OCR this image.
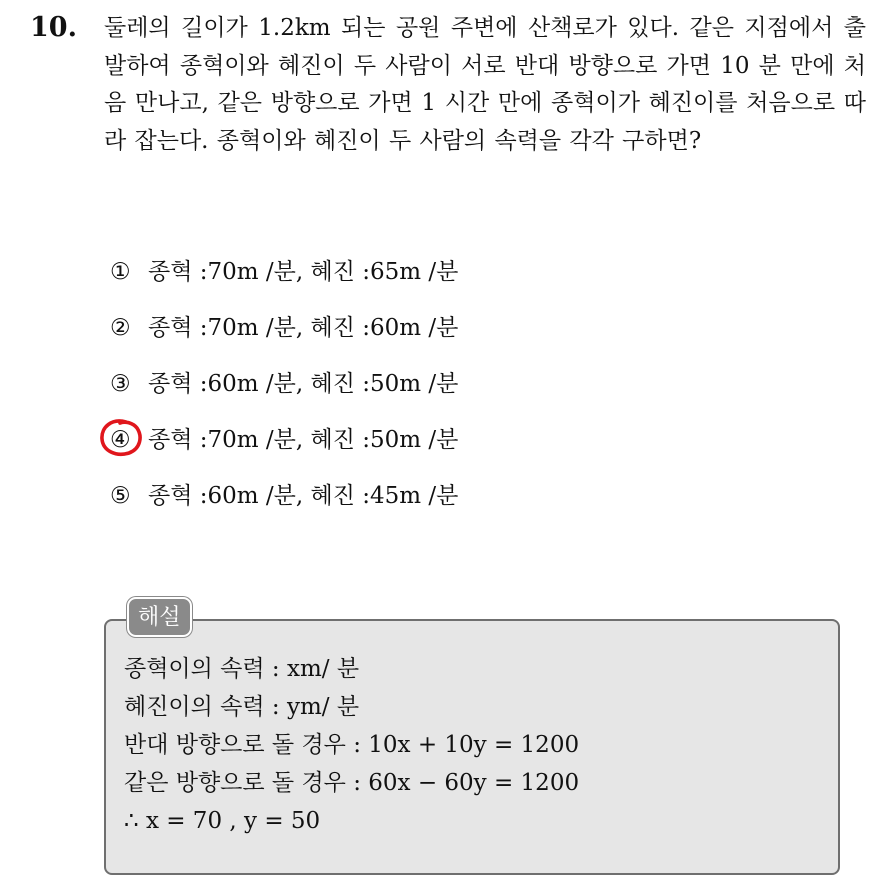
10. 둘레의 길이가 1.2km 되는 공원 주변에 산책로가 있다. 같은 지점에서 출발하여 종혁이와 혜진이 두 사람이 서로 반대 방향으로 가면 10 분 만에 처음 만나고, 같은 방향으로 가면 1 시간 만에 종혁이가 혜진이를 처음으로 따라 잡는다. 종혁이와 혜진이 두 사람의 속력을 각각 구하면?
① 종혁 :70m /분, 혜진 :65m /분
② 종혁 :70m /분, 혜진 :60m /분
③ 종혁 :60m /분, 혜진 :50m /분
④ 종혁 :70m /분, 혜진 :50m /분
⑤ 종혁 :60m /분, 혜진 :45m /분
해설
종혁이의 속력 : xm/ 분
혜진이의 속력 : ym/ 분
반대 방향으로 돌 경우 : 10x + 10y = 1200
같은 방향으로 돌 경우 : 60x − 60y = 1200
∴ x = 70 , y = 50
